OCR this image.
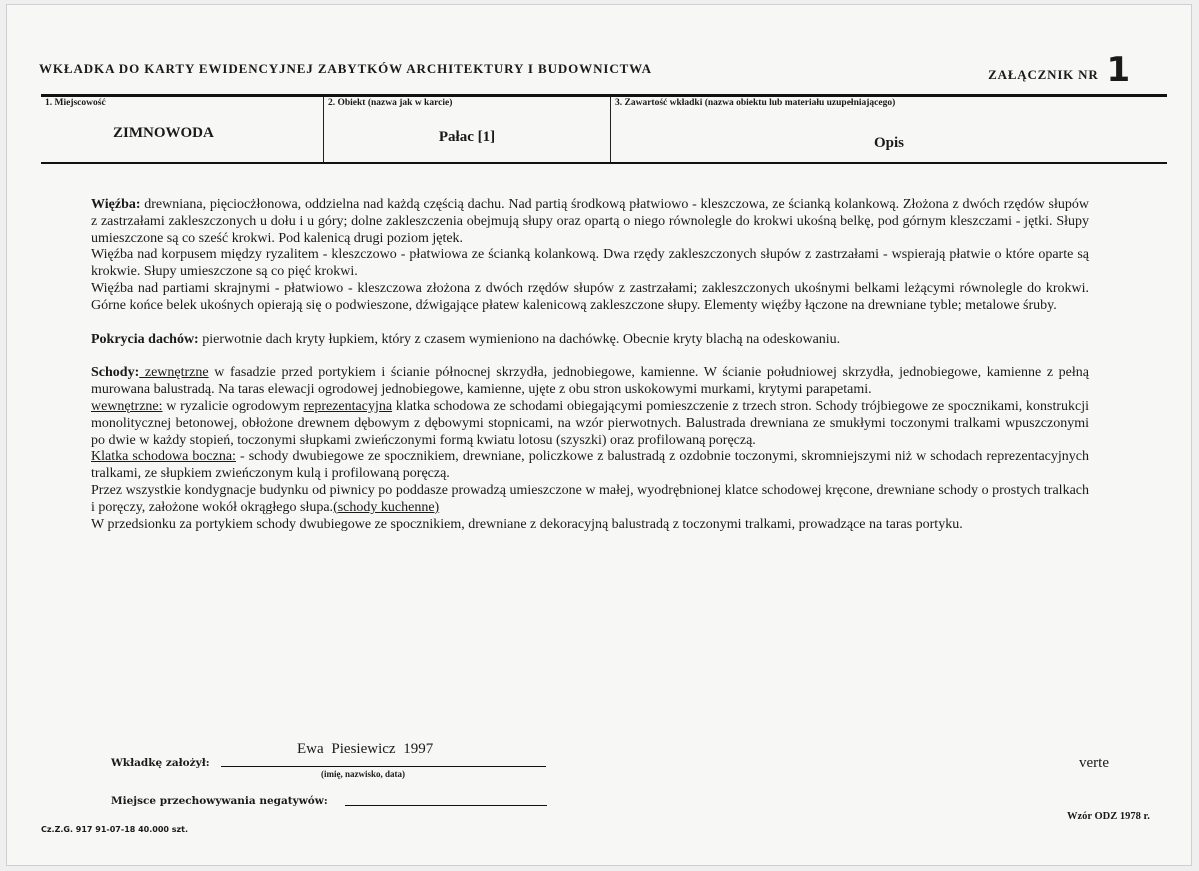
WKŁADKA DO KARTY EWIDENCYJNEJ ZABYTKÓW ARCHITEKTURY I BUDOWNICTWA	ZAŁĄCZNIK NR 1
1. Miejscowość
ZIMNOWODA
2. Obiekt (nazwa jak w karcie)
Pałac [1]
3. Zawartość wkładki (nazwa obiektu lub materiału uzupełniającego)
Opis

Więźba: drewniana, pięciocżłonowa, oddzielna nad każdą częścią dachu. Nad partią środkową płatwiowo - kleszczowa, ze ścianką kolankową. Złożona z dwóch rzędów słupów z zastrzałami zakleszczonych u dołu i u góry; dolne zakleszczenia obejmują słupy oraz opartą o niego równolegle do krokwi ukośną belkę, pod górnym kleszczami - jętki. Słupy umieszczone są co sześć krokwi. Pod kalenicą drugi poziom jętek.

Więźba nad korpusem między ryzalitem - kleszczowo - płatwiowa ze ścianką kolankową. Dwa rzędy zakleszczonych słupów z zastrzałami - wspierają płatwie o które oparte są krokwie. Słupy umieszczone są co pięć krokwi.

Więźba nad partiami skrajnymi - płatwiowo - kleszczowa złożona z dwóch rzędów słupów z zastrzałami; zakleszczonych ukośnymi belkami leżącymi równolegle do krokwi. Górne końce belek ukośnych opierają się o podwieszone, dźwigające płatew kalenicową zakleszczone słupy. Elementy więźby łączone na drewniane tyble; metalowe śruby.

Pokrycia dachów: pierwotnie dach kryty łupkiem, który z czasem wymieniono na dachówkę. Obecnie kryty blachą na odeskowaniu.

Schody: zewnętrzne w fasadzie przed portykiem i ścianie północnej skrzydła, jednobiegowe, kamienne. W ścianie południowej skrzydła, jednobiegowe, kamienne z pełną murowana balustradą. Na taras elewacji ogrodowej jednobiegowe, kamienne, ujęte z obu stron uskokowymi murkami, krytymi parapetami.

wewnętrzne: w ryzalicie ogrodowym reprezentacyjna klatka schodowa ze schodami obiegającymi pomieszczenie z trzech stron. Schody trójbiegowe ze spocznikami, konstrukcji monolitycznej betonowej, obłożone drewnem dębowym z dębowymi stopnicami, na wzór pierwotnych. Balustrada drewniana ze smukłymi toczonymi tralkami wpuszczonymi po dwie w każdy stopień, toczonymi słupkami zwieńczonymi formą kwiatu lotosu (szyszki) oraz profilowaną poręczą.

Klatka schodowa boczna: - schody dwubiegowe ze spocznikiem, drewniane, policzkowe z balustradą z ozdobnie toczonymi, skromniejszymi niż w schodach reprezentacyjnych tralkami, ze słupkiem zwieńczonym kulą i profilowaną poręczą.

Przez wszystkie kondygnacje budynku od piwnicy po poddasze prowadzą umieszczone w małej, wyodrębnionej klatce schodowej kręcone, drewniane schody o prostych tralkach i poręczy, założone wokół okrągłego słupa.(schody kuchenne)

W przedsionku za portykiem schody dwubiegowe ze spocznikiem, drewniane z dekoracyjną balustradą z toczonymi tralkami, prowadzące na taras portyku.

Wkładkę założył:
Ewa Piesiewicz 1997
(imię, nazwisko, data)
Miejsce przechowywania negatywów:
verte
Wzór ODZ 1978 r.
Cz.Z.G. 917 91-07-18 40.000 szt.
